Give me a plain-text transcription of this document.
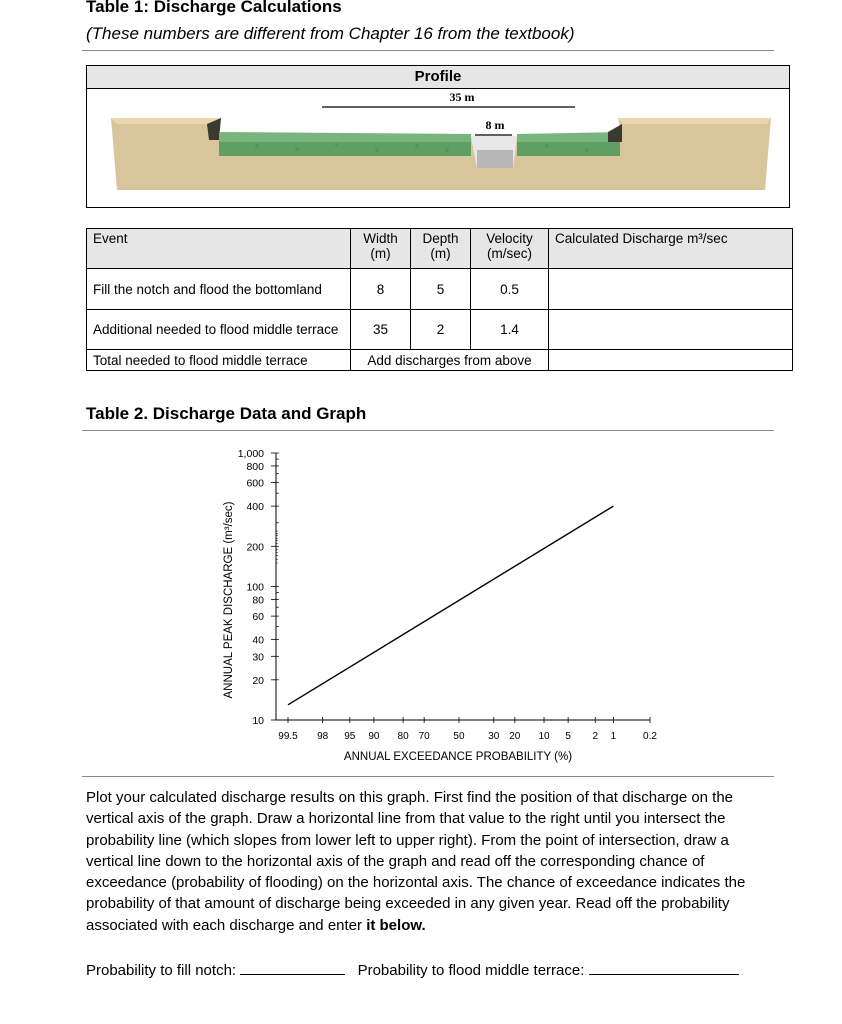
Table 1: Discharge Calculations

(These numbers are different from Chapter 16 from the textbook)

Profile
35 m
8 m
Event	Width (m)	Depth (m)	Velocity (m/sec)	Calculated Discharge m³/sec
Fill the notch and flood the bottomland	8	5	0.5	
Additional needed to flood middle terrace	35	2	1.4	
Total needed to flood middle terrace	Add discharges from above			

Table 2. Discharge Data and Graph

1,000
800
600
400
200
100
80
60
40
30
20
10
99.5 98 95 90 80 70 50 30 20 10 5 2 1	0.2
ANNUAL PEAK DISCHARGE (m³/sec)
ANNUAL EXCEEDANCE PROBABILITY (%)

Plot your calculated discharge results on this graph. First find the position of that discharge on the vertical axis of the graph. Draw a horizontal line from that value to the right until you intersect the probability line (which slopes from lower left to upper right). From the point of intersection, draw a vertical line down to the horizontal axis of the graph and read off the corresponding chance of exceedance (probability of flooding) on the horizontal axis. The chance of exceedance indicates the probability of that amount of discharge being exceeded in any given year. Read off the probability associated with each discharge and enter it below.

Probability to fill notch:	Probability to flood middle terrace:
